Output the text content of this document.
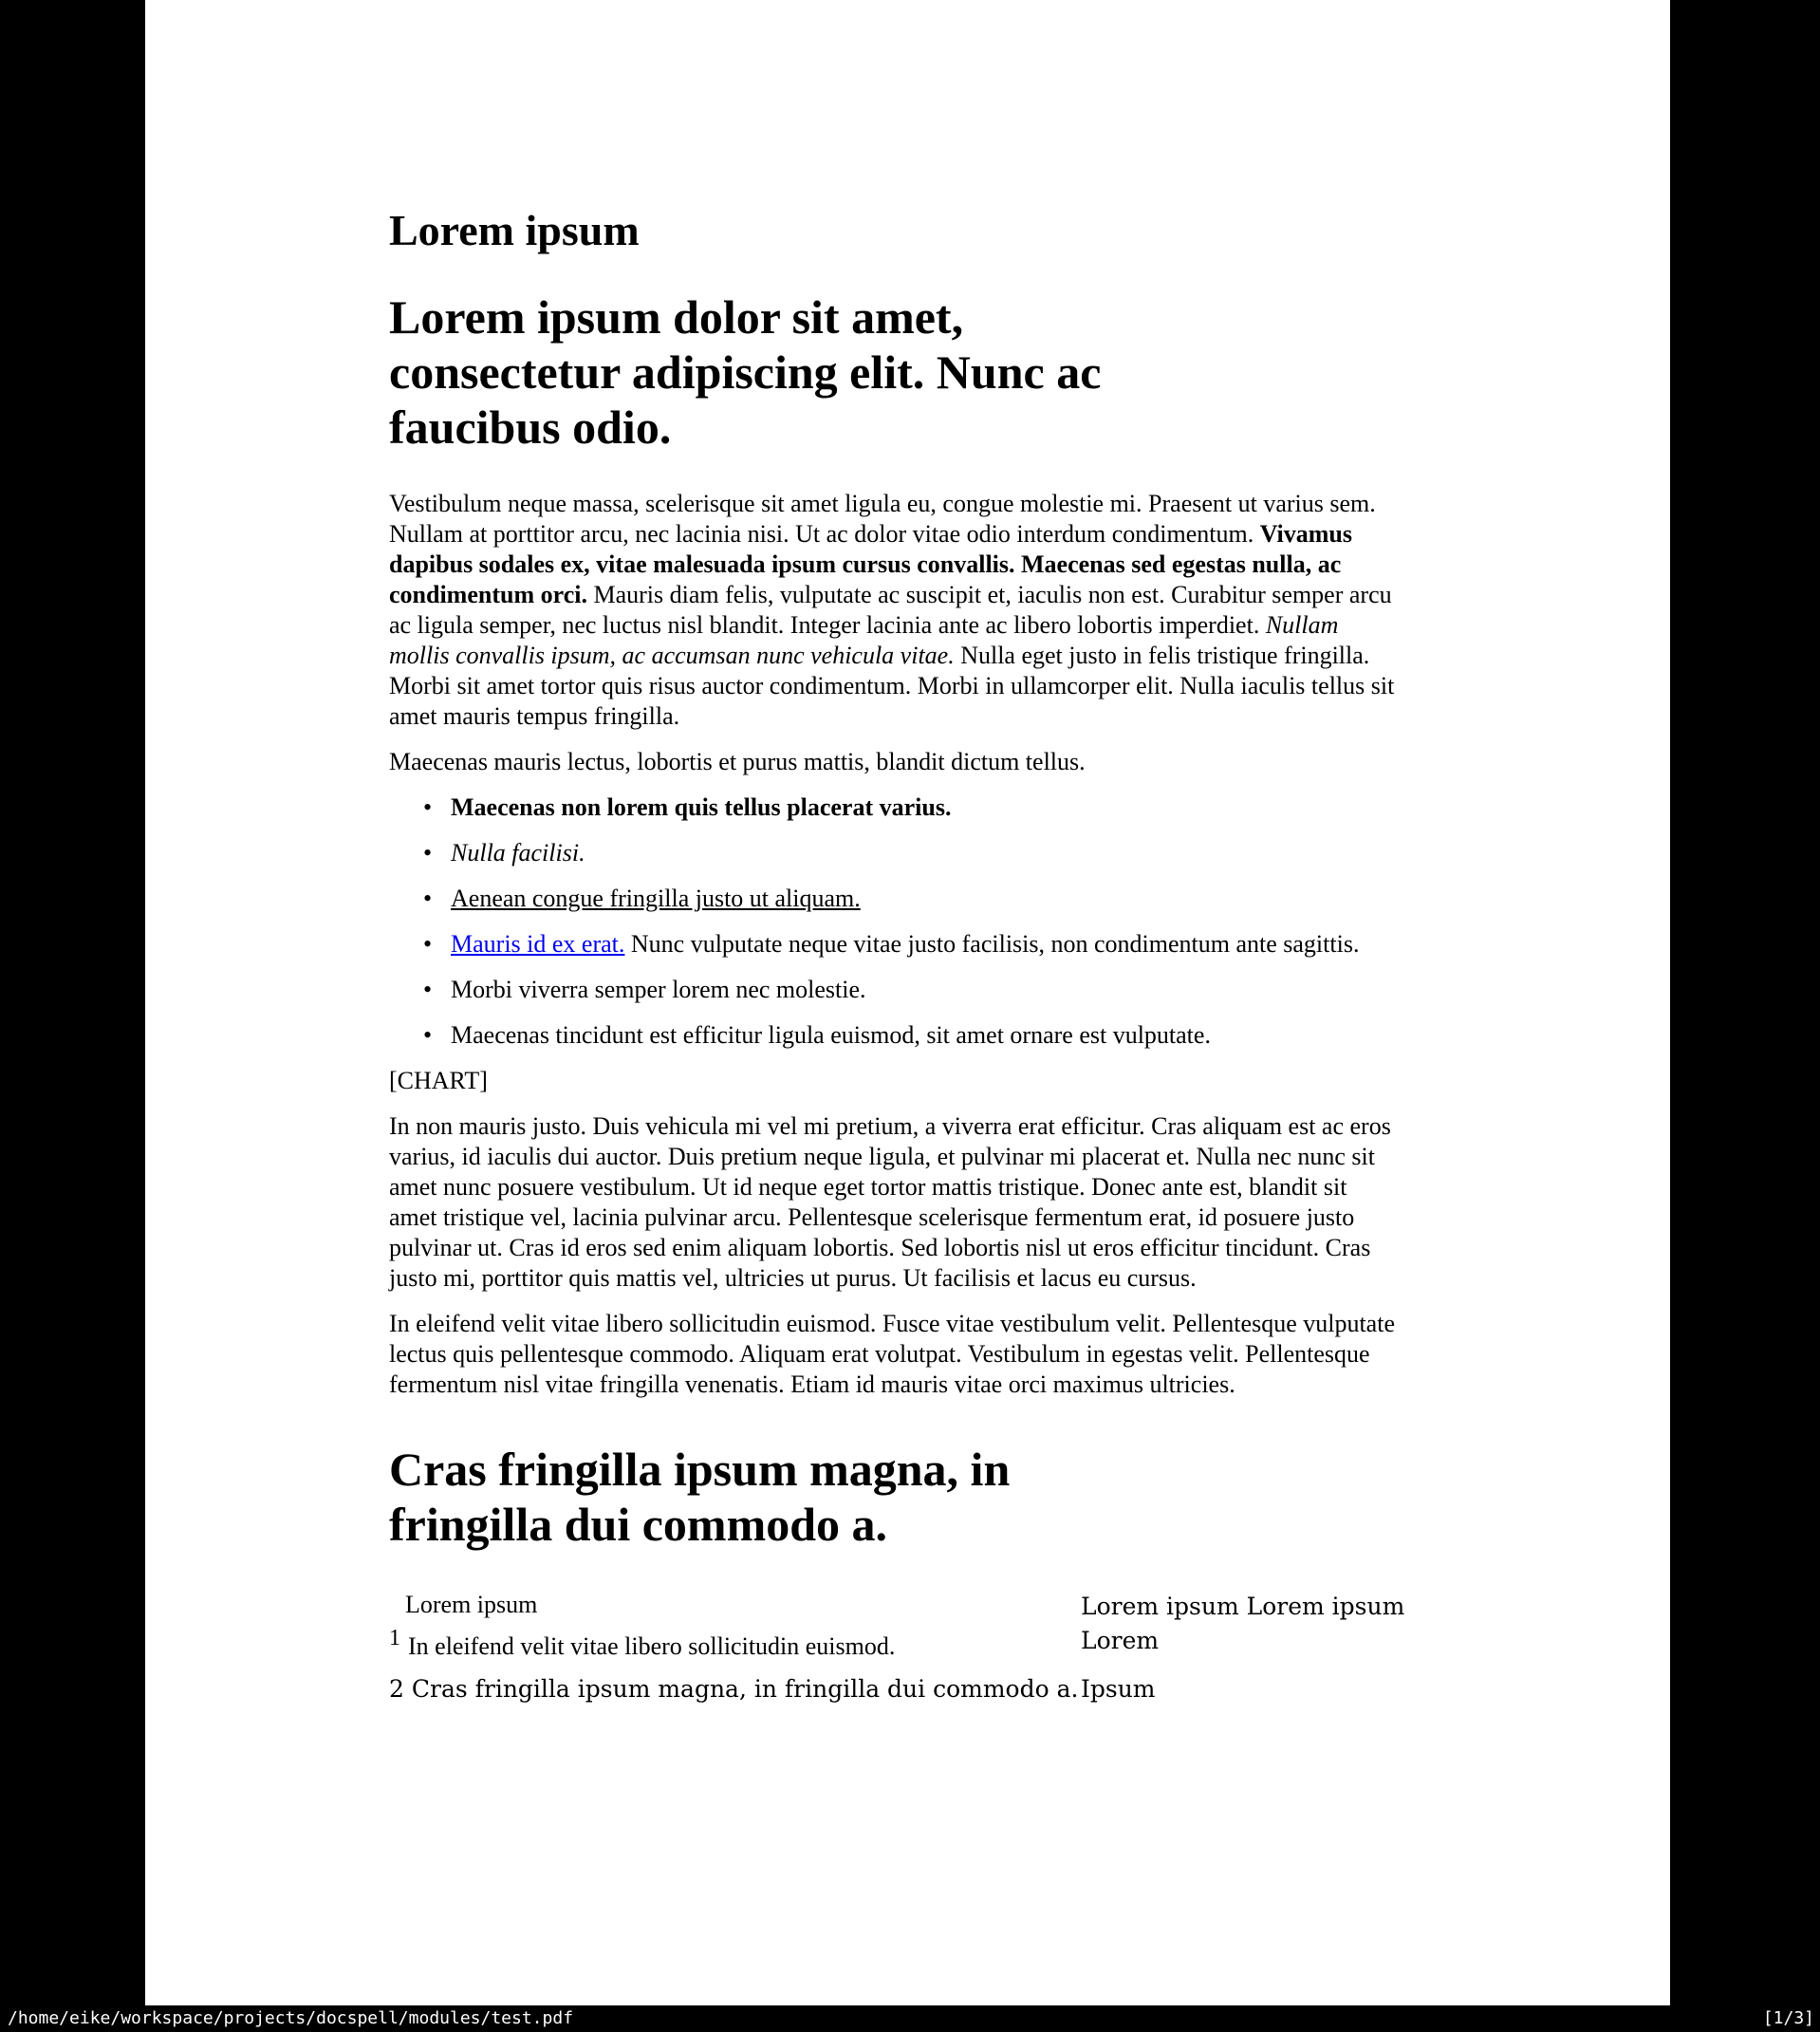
Lorem ipsum
Lorem ipsum dolor sit amet,
consectetur adipiscing elit. Nunc ac
faucibus odio.

Vestibulum neque massa, scelerisque sit amet ligula eu, congue molestie mi. Praesent ut varius sem. Nullam at porttitor arcu, nec lacinia nisi. Ut ac dolor vitae odio interdum condimentum. Vivamus dapibus sodales ex, vitae malesuada ipsum cursus convallis. Maecenas sed egestas nulla, ac condimentum orci. Mauris diam felis, vulputate ac suscipit et, iaculis non est. Curabitur semper arcu ac ligula semper, nec luctus nisl blandit. Integer lacinia ante ac libero lobortis imperdiet. Nullam mollis convallis ipsum, ac accumsan nunc vehicula vitae. Nulla eget justo in felis tristique fringilla. Morbi sit amet tortor quis risus auctor condimentum. Morbi in ullamcorper elit. Nulla iaculis tellus sit amet mauris tempus fringilla.

Maecenas mauris lectus, lobortis et purus mattis, blandit dictum tellus.

• Maecenas non lorem quis tellus placerat varius.
• Nulla facilisi.
• Aenean congue fringilla justo ut aliquam.
• Mauris id ex erat. Nunc vulputate neque vitae justo facilisis, non condimentum ante sagittis.
• Morbi viverra semper lorem nec molestie.
• Maecenas tincidunt est efficitur ligula euismod, sit amet ornare est vulputate.

[CHART]

In non mauris justo. Duis vehicula mi vel mi pretium, a viverra erat efficitur. Cras aliquam est ac eros varius, id iaculis dui auctor. Duis pretium neque ligula, et pulvinar mi placerat et. Nulla nec nunc sit amet nunc posuere vestibulum. Ut id neque eget tortor mattis tristique. Donec ante est, blandit sit amet tristique vel, lacinia pulvinar arcu. Pellentesque scelerisque fermentum erat, id posuere justo pulvinar ut. Cras id eros sed enim aliquam lobortis. Sed lobortis nisl ut eros efficitur tincidunt. Cras justo mi, porttitor quis mattis vel, ultricies ut purus. Ut facilisis et lacus eu cursus.

In eleifend velit vitae libero sollicitudin euismod. Fusce vitae vestibulum velit. Pellentesque vulputate lectus quis pellentesque commodo. Aliquam erat volutpat. Vestibulum in egestas velit. Pellentesque fermentum nisl vitae fringilla venenatis. Etiam id mauris vitae orci maximus ultricies.

Cras fringilla ipsum magna, in
fringilla dui commodo a.
Lorem ipsum	Lorem ipsum Lorem ipsum Lorem
1 In eleifend velit vitae libero sollicitudin euismod.
2 Cras fringilla ipsum magna, in fringilla dui commodo a. Ipsum
/home/eike/workspace/projects/docspell/modules/test.pdf	[1/3]
